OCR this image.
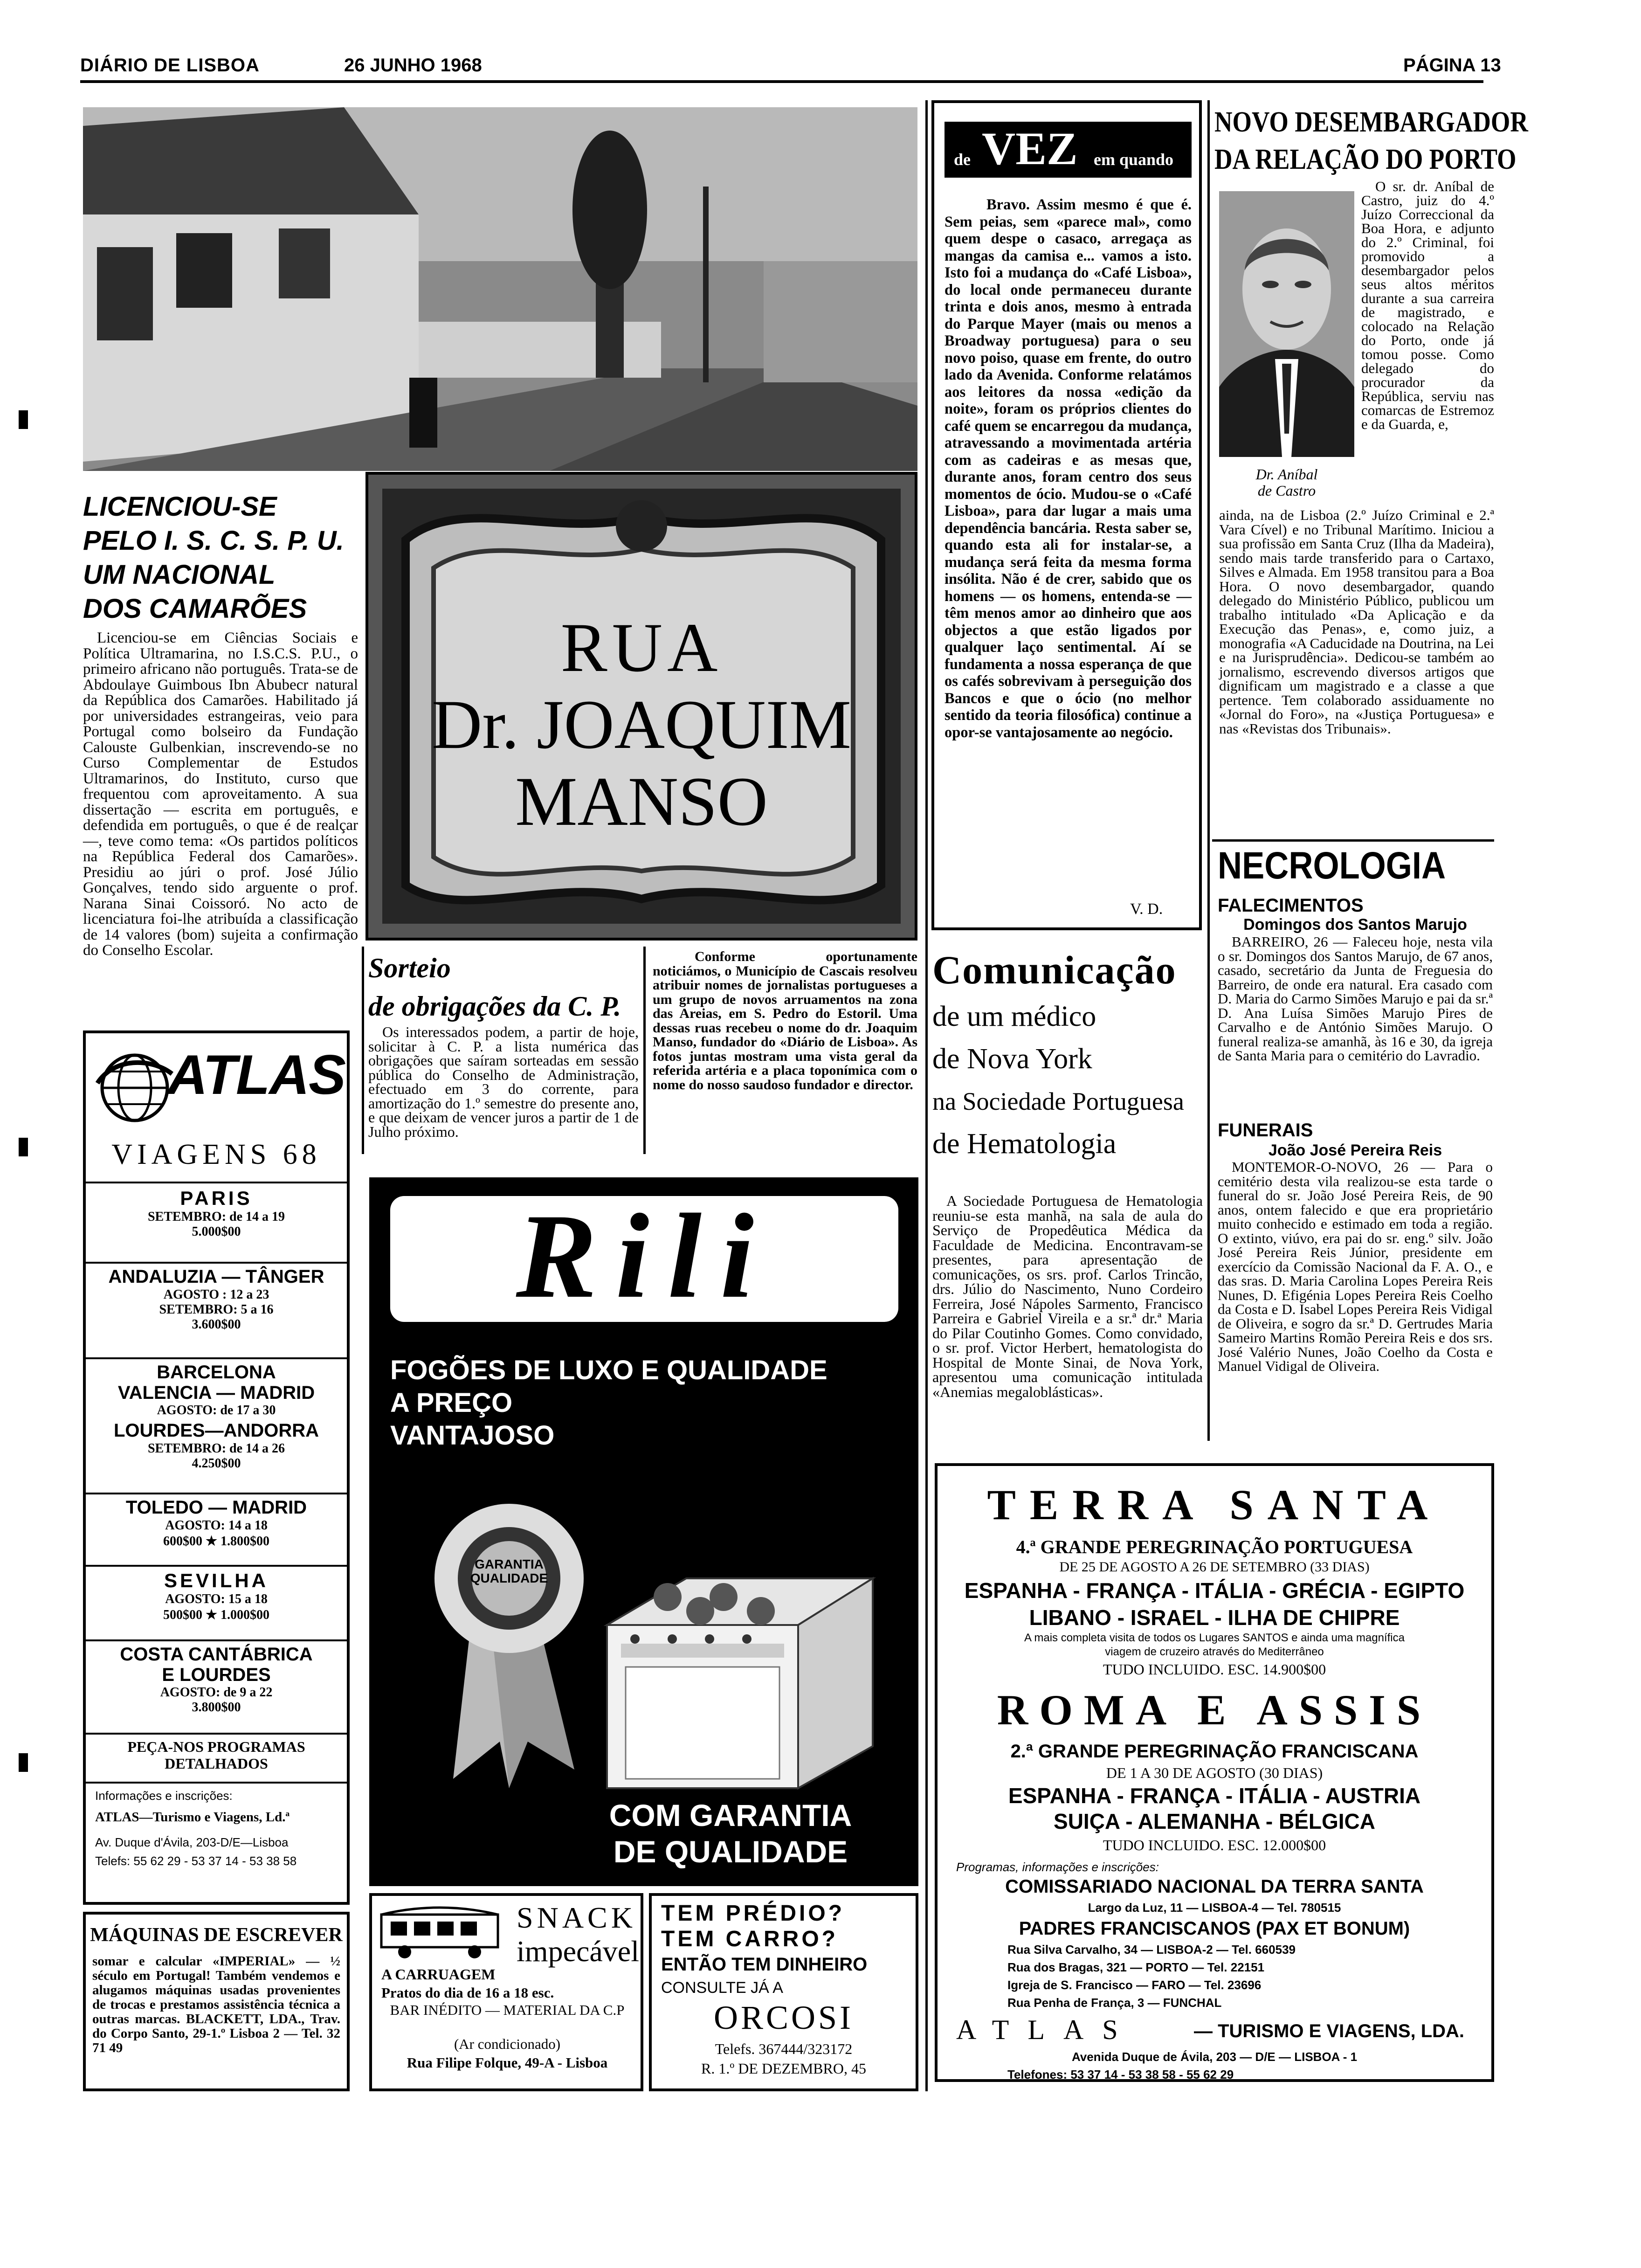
DIÁRIO DE LISBOA	26 JUNHO 1968	PÁGINA 13
LICENCIOU-SE
PELO I. S. C. S. P. U.
UM NACIONAL
DOS CAMARÕES
Licenciou-se em Ciências Sociais e Política Ultramarina, no I.S.C.S. P.U., o primeiro africano não português. Trata-se de Abdoulaye Guimbous Ibn Abubecr natural da República dos Camarões. Habilitado já por universidades estrangeiras, veio para Portugal como bolseiro da Fundação Calouste Gulbenkian, inscrevendo-se no Curso Complementar de Estudos Ultramarinos, do Instituto, curso que frequentou com aproveitamento. A sua dissertação — escrita em português, e defendida em português, o que é de realçar —, teve como tema: «Os partidos políticos na República Federal dos Camarões». Presidiu ao júri o prof. José Júlio Gonçalves, tendo sido arguente o prof. Narana Sinai Coissoró. No acto de licenciatura foi-lhe atribuída a classificação de 14 valores (bom) sujeita a confirmação do Conselho Escolar.
RUA
Dr. JOAQUIM
MANSO
Sorteio
de obrigações da C. P.
Os interessados podem, a partir de hoje, solicitar à C. P. a lista numérica das obrigações que saíram sorteadas em sessão pública do Conselho de Administração, efectuado em 3 do corrente, para amortização do 1.º semestre do presente ano, e que deixam de vencer juros a partir de 1 de Julho próximo.
Conforme oportunamente noticiámos, o Município de Cascais resolveu atribuir nomes de jornalistas portugueses a um grupo de novos arruamentos na zona das Areias, em S. Pedro do Estoril. Uma dessas ruas recebeu o nome do dr. Joaquim Manso, fundador do «Diário de Lisboa». As fotos juntas mostram uma vista geral da referida artéria e a placa toponímica com o nome do nosso saudoso fundador e director.
ATLAS
VIAGENS 68
PARIS
SETEMBRO: de 14 a 19
5.000$00
ANDALUZIA — TÂNGER
AGOSTO : 12 a 23
SETEMBRO: 5 a 16
3.600$00
BARCELONA
VALENCIA — MADRID
AGOSTO: de 17 a 30
LOURDES—ANDORRA
SETEMBRO: de 14 a 26
4.250$00
TOLEDO — MADRID
AGOSTO: 14 a 18
600$00 ★ 1.800$00
SEVILHA
AGOSTO: 15 a 18
500$00 ★ 1.000$00
COSTA CANTÁBRICA
E LOURDES
AGOSTO: de 9 a 22
3.800$00
PEÇA-NOS PROGRAMAS DETALHADOS
Informações e inscrições:
ATLAS—Turismo e Viagens, Ld.ª
Av. Duque d'Ávila, 203-D/E—Lisboa
Telefs: 55 62 29 - 53 37 14 - 53 38 58
MÁQUINAS DE ESCREVER
somar e calcular «IMPERIAL» — ½ século em Portugal! Também vendemos e alugamos máquinas usadas provenientes de trocas e prestamos assistência técnica a outras marcas. BLACKETT, LDA., Trav. do Corpo Santo, 29-1.º Lisboa 2 — Tel. 32 71 49
Rili
FOGÕES DE LUXO E QUALIDADE
A PREÇO
VANTAJOSO
GARANTIA QUALIDADE
COM GARANTIA
DE QUALIDADE
SNACK
impecável
A CARRUAGEM
Pratos do dia de 16 a 18 esc.
BAR INÉDITO — MATERIAL DA C.P
(Ar condicionado)
Rua Filipe Folque, 49-A - Lisboa
TEM PRÉDIO?
TEM CARRO?
ENTÃO TEM DINHEIRO
CONSULTE JÁ A
ORCOSI
Telefs. 367444/323172
R. 1.º DE DEZEMBRO, 45
de VEZ em quando
Bravo. Assim mesmo é que é. Sem peias, sem «parece mal», como quem despe o casaco, arregaça as mangas da camisa e... vamos a isto. Isto foi a mudança do «Café Lisboa», do local onde permaneceu durante trinta e dois anos, mesmo à entrada do Parque Mayer (mais ou menos a Broadway portuguesa) para o seu novo poiso, quase em frente, do outro lado da Avenida. Conforme relatámos aos leitores da nossa «edição da noite», foram os próprios clientes do café quem se encarregou da mudança, atravessando a movimentada artéria com as cadeiras e as mesas que, durante anos, foram centro dos seus momentos de ócio. Mudou-se o «Café Lisboa», para dar lugar a mais uma dependência bancária. Resta saber se, quando esta ali for instalar-se, a mudança será feita da mesma forma insólita. Não é de crer, sabido que os homens — os homens, entenda-se — têm menos amor ao dinheiro que aos objectos a que estão ligados por qualquer laço sentimental. Aí se fundamenta a nossa esperança de que os cafés sobrevivam à perseguição dos Bancos e que o ócio (no melhor sentido da teoria filosófica) continue a opor-se vantajosamente ao negócio.
V. D.
Comunicação
de um médico
de Nova York
na Sociedade Portuguesa
de Hematologia
A Sociedade Portuguesa de Hematologia reuniu-se esta manhã, na sala de aula do Serviço de Propedêutica Médica da Faculdade de Medicina. Encontravam-se presentes, para apresentação de comunicações, os srs. prof. Carlos Trincão, drs. Júlio do Nascimento, Nuno Cordeiro Ferreira, José Nápoles Sarmento, Francisco Parreira e Gabriel Vireila e a sr.ª dr.ª Maria do Pilar Coutinho Gomes. Como convidado, o sr. prof. Victor Herbert, hematologista do Hospital de Monte Sinai, de Nova York, apresentou uma comunicação intitulada «Anemias megaloblásticas».
NOVO DESEMBARGADOR
DA RELAÇÃO DO PORTO
Dr. Aníbal
de Castro
O sr. dr. Aníbal de Castro, juiz do 4.º Juízo Correccional da Boa Hora, e adjunto do 2.º Criminal, foi promovido a desembargador pelos seus altos méritos durante a sua carreira de magistrado, e colocado na Relação do Porto, onde já tomou posse. Como delegado do procurador da República, serviu nas comarcas de Estremoz e da Guarda, e,
ainda, na de Lisboa (2.º Juízo Criminal e 2.ª Vara Cível) e no Tribunal Marítimo. Iniciou a sua profissão em Santa Cruz (Ilha da Madeira), sendo mais tarde transferido para o Cartaxo, Silves e Almada. Em 1958 transitou para a Boa Hora. O novo desembargador, quando delegado do Ministério Público, publicou um trabalho intitulado «Da Aplicação e da Execução das Penas», e, como juiz, a monografia «A Caducidade na Doutrina, na Lei e na Jurisprudência». Dedicou-se também ao jornalismo, escrevendo diversos artigos que dignificam um magistrado e a classe a que pertence. Tem colaborado assiduamente no «Jornal do Foro», na «Justiça Portuguesa» e nas «Revistas dos Tribunais».
NECROLOGIA
FALECIMENTOS
Domingos dos Santos Marujo
BARREIRO, 26 — Faleceu hoje, nesta vila o sr. Domingos dos Santos Marujo, de 67 anos, casado, secretário da Junta de Freguesia do Barreiro, de onde era natural. Era casado com D. Maria do Carmo Simões Marujo e pai da sr.ª D. Ana Luísa Simões Marujo Pires de Carvalho e de António Simões Marujo. O funeral realiza-se amanhã, às 16 e 30, da igreja de Santa Maria para o cemitério do Lavradio.
FUNERAIS
João José Pereira Reis
MONTEMOR-O-NOVO, 26 — Para o cemitério desta vila realizou-se esta tarde o funeral do sr. João José Pereira Reis, de 90 anos, ontem falecido e que era proprietário muito conhecido e estimado em toda a região. O extinto, viúvo, era pai do sr. eng.º silv. João José Pereira Reis Júnior, presidente em exercício da Comissão Nacional da F. A. O., e das sras. D. Maria Carolina Lopes Pereira Reis Nunes, D. Efigénia Lopes Pereira Reis Coelho da Costa e D. Isabel Lopes Pereira Reis Vidigal de Oliveira, e sogro da sr.ª D. Gertrudes Maria Sameiro Martins Romão Pereira Reis e dos srs. José Valério Nunes, João Coelho da Costa e Manuel Vidigal de Oliveira.
TERRA SANTA
4.ª GRANDE PEREGRINAÇÃO PORTUGUESA
DE 25 DE AGOSTO A 26 DE SETEMBRO (33 DIAS)
ESPANHA - FRANÇA - ITÁLIA - GRÉCIA - EGIPTO
LIBANO - ISRAEL - ILHA DE CHIPRE
A mais completa visita de todos os Lugares SANTOS e ainda uma magnífica
viagem de cruzeiro através do Mediterrâneo
TUDO INCLUIDO. ESC. 14.900$00
ROMA E ASSIS
2.ª GRANDE PEREGRINAÇÃO FRANCISCANA
DE 1 A 30 DE AGOSTO (30 DIAS)
ESPANHA - FRANÇA - ITÁLIA - AUSTRIA
SUIÇA - ALEMANHA - BÉLGICA
TUDO INCLUIDO. ESC. 12.000$00
Programas, informações e inscrições:
COMISSARIADO NACIONAL DA TERRA SANTA
Largo da Luz, 11 — LISBOA-4 — Tel. 780515
PADRES FRANCISCANOS (PAX ET BONUM)
Rua Silva Carvalho, 34 — LISBOA-2 — Tel. 660539
Rua dos Bragas, 321 — PORTO — Tel. 22151
Igreja de S. Francisco — FARO — Tel. 23696
Rua Penha de França, 3 — FUNCHAL
ATLAS	— TURISMO E VIAGENS, LDA.
Avenida Duque de Ávila, 203 — D/E — LISBOA - 1
Telefones: 53 37 14 - 53 38 58 - 55 62 29
